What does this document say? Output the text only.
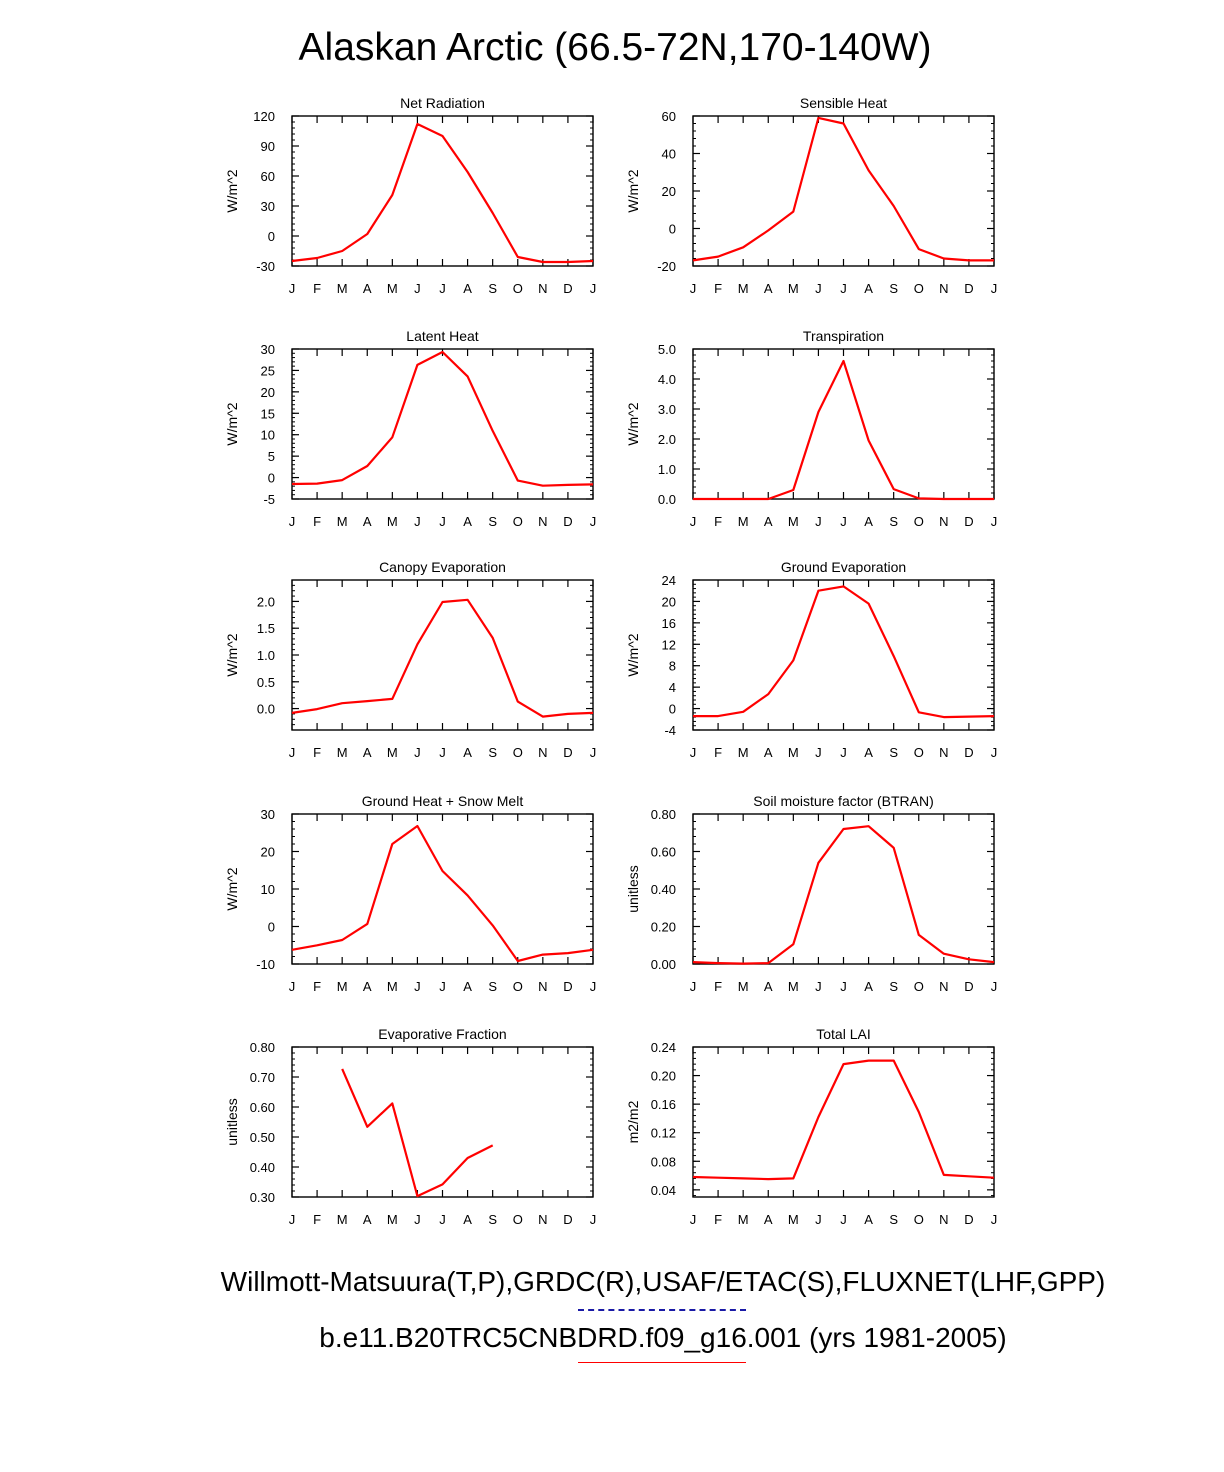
Alaskan Arctic (66.5-72N,170-140W)
J F M A M J J A S O N D J
-30
0
30
60
90
120
Net Radiation
W/m^2
J F M A M J J A S O N D J
-20
0
20
40
60
Sensible Heat
W/m^2
J F M A M J J A S O N D J
-5
0
5
10
15
20
25
30
Latent Heat
W/m^2
J F M A M J J A S O N D J
0.0
1.0
2.0
3.0
4.0
5.0
Transpiration
W/m^2
J F M A M J J A S O N D J
0.0
0.5
1.0
1.5
2.0
Canopy Evaporation
W/m^2
J F M A M J J A S O N D J
-4
0
4
8
12
16
20
24
Ground Evaporation
W/m^2
J F M A M J J A S O N D J
-10
0
10
20
30
Ground Heat + Snow Melt
W/m^2
J F M A M J J A S O N D J
0.00
0.20
0.40
0.60
0.80
Soil moisture factor (BTRAN)
unitless
J F M A M J J A S O N D J
0.30
0.40
0.50
0.60
0.70
0.80
Evaporative Fraction
unitless
J F M A M J J A S O N D J
0.04
0.08
0.12
0.16
0.20
0.24
Total LAI
m2/m2
Willmott-Matsuura(T,P),GRDC(R),USAF/ETAC(S),FLUXNET(LHF,GPP)
b.e11.B20TRC5CNBDRD.f09_g16.001 (yrs 1981-2005)
